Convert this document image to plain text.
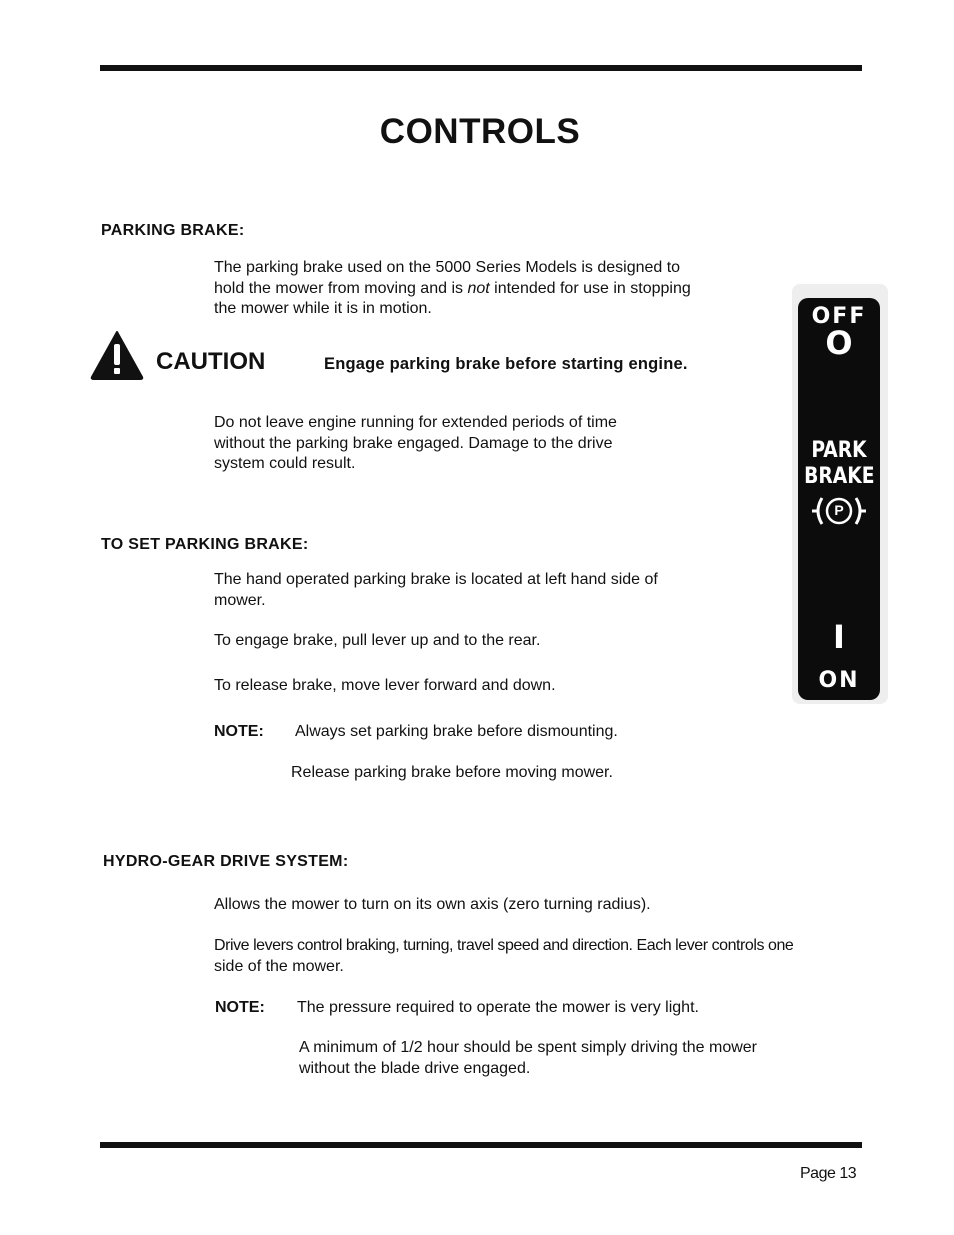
CONTROLS
PARKING BRAKE:
The parking brake used on the 5000 Series Models is designed to
hold the mower from moving and is not intended for use in stopping
the mower while it is in motion.
CAUTION	Engage parking brake before starting engine.
Do not leave engine running for extended periods of time
without the parking brake engaged. Damage to the drive
system could result.
TO SET PARKING BRAKE:
The hand operated parking brake is located at left hand side of
mower.
To engage brake, pull lever up and to the rear.
To release brake, move lever forward and down.
NOTE: Always set parking brake before dismounting.
Release parking brake before moving mower.
HYDRO-GEAR DRIVE SYSTEM:
Allows the mower to turn on its own axis (zero turning radius).
Drive levers control braking, turning, travel speed and direction. Each lever controls one
side of the mower.
NOTE: The pressure required to operate the mower is very light.
A minimum of 1/2 hour should be spent simply driving the mower
without the blade drive engaged.
Page 13
OFF
O
PARK
BRAKE
P
I
ON
